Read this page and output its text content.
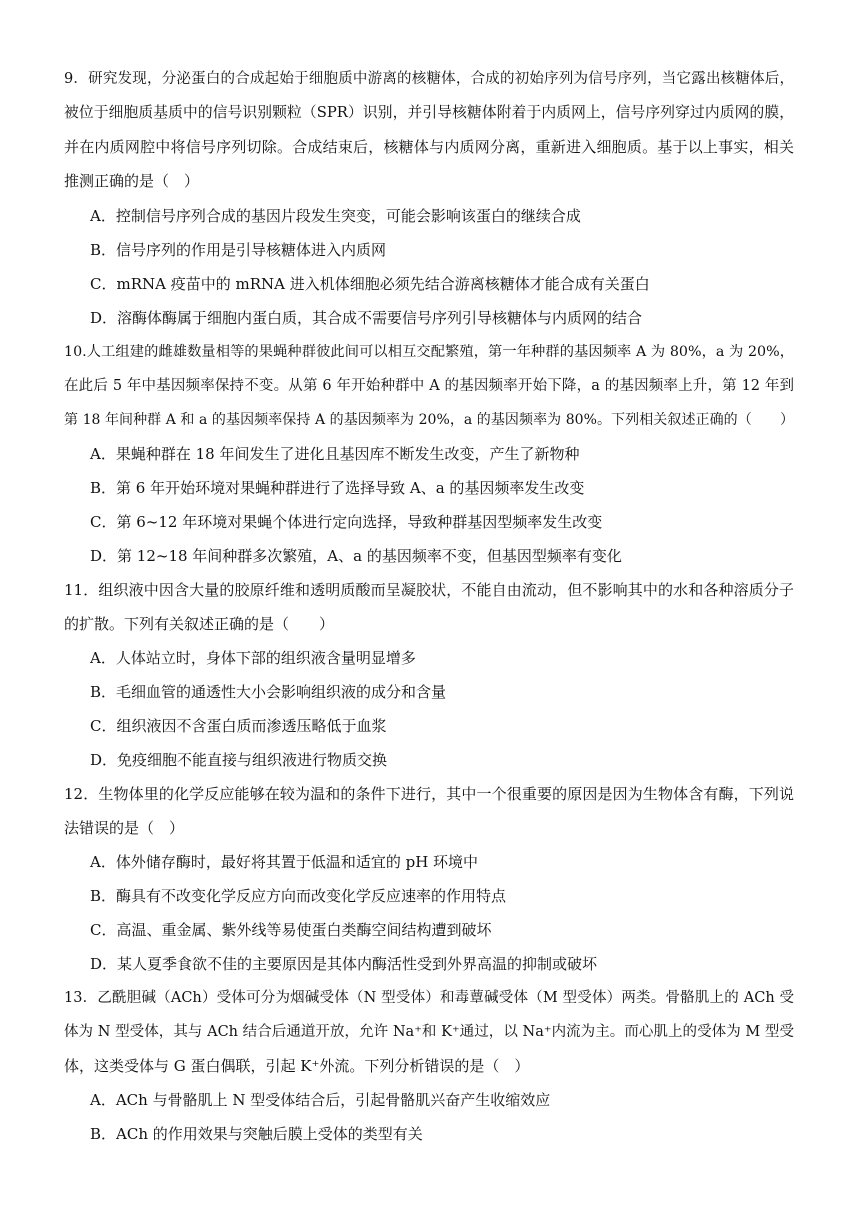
9．研究发现，分泌蛋白的合成起始于细胞质中游离的核糖体，合成的初始序列为信号序列，当它露出核糖体后，
被位于细胞质基质中的信号识别颗粒（SPR）识别，并引导核糖体附着于内质网上，信号序列穿过内质网的膜，
并在内质网腔中将信号序列切除。合成结束后，核糖体与内质网分离，重新进入细胞质。基于以上事实，相关
推测正确的是（　）
A．控制信号序列合成的基因片段发生突变，可能会影响该蛋白的继续合成
B．信号序列的作用是引导核糖体进入内质网
C．mRNA 疫苗中的 mRNA 进入机体细胞必须先结合游离核糖体才能合成有关蛋白
D．溶酶体酶属于细胞内蛋白质，其合成不需要信号序列引导核糖体与内质网的结合
10.人工组建的雌雄数量相等的果蝇种群彼此间可以相互交配繁殖，第一年种群的基因频率 A 为 80%，a 为 20%，
在此后 5 年中基因频率保持不变。从第 6 年开始种群中 A 的基因频率开始下降，a 的基因频率上升，第 12 年到
第 18 年间种群 A 和 a 的基因频率保持 A 的基因频率为 20%，a 的基因频率为 80%。下列相关叙述正确的（　　）
A．果蝇种群在 18 年间发生了进化且基因库不断发生改变，产生了新物种
B．第 6 年开始环境对果蝇种群进行了选择导致 A、a 的基因频率发生改变
C．第 6~12 年环境对果蝇个体进行定向选择，导致种群基因型频率发生改变
D．第 12~18 年间种群多次繁殖，A、a 的基因频率不变，但基因型频率有变化
11．组织液中因含大量的胶原纤维和透明质酸而呈凝胶状，不能自由流动，但不影响其中的水和各种溶质分子
的扩散。下列有关叙述正确的是（　　）
A．人体站立时，身体下部的组织液含量明显增多
B．毛细血管的通透性大小会影响组织液的成分和含量
C．组织液因不含蛋白质而渗透压略低于血浆
D．免疫细胞不能直接与组织液进行物质交换
12．生物体里的化学反应能够在较为温和的条件下进行，其中一个很重要的原因是因为生物体含有酶，下列说
法错误的是（　）
A．体外储存酶时，最好将其置于低温和适宜的 pH 环境中
B．酶具有不改变化学反应方向而改变化学反应速率的作用特点
C．高温、重金属、紫外线等易使蛋白类酶空间结构遭到破坏
D．某人夏季食欲不佳的主要原因是其体内酶活性受到外界高温的抑制或破坏
13．乙酰胆碱（ACh）受体可分为烟碱受体（N 型受体）和毒蕈碱受体（M 型受体）两类。骨骼肌上的 ACh 受
体为 N 型受体，其与 ACh 结合后通道开放，允许 Na⁺和 K⁺通过，以 Na⁺内流为主。而心肌上的受体为 M 型受
体，这类受体与 G 蛋白偶联，引起 K⁺外流。下列分析错误的是（　）
A．ACh 与骨骼肌上 N 型受体结合后，引起骨骼肌兴奋产生收缩效应
B．ACh 的作用效果与突触后膜上受体的类型有关
